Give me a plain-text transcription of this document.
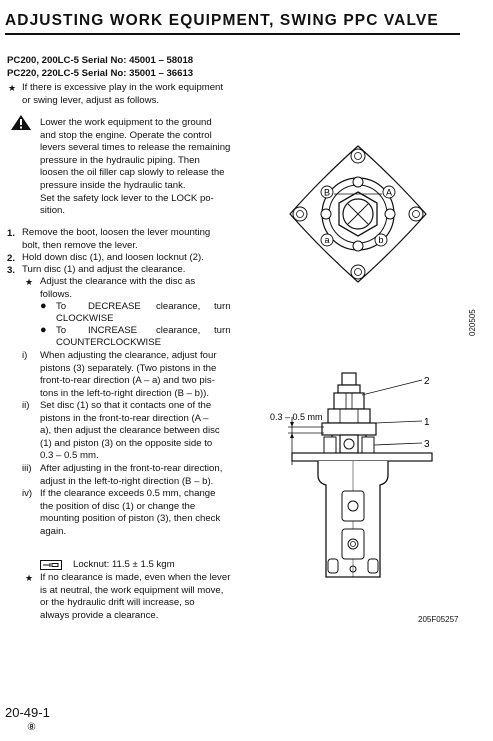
ADJUSTING WORK EQUIPMENT, SWING PPC VALVE
PC200, 200LC-5 Serial No: 45001 – 58018
PC220, 220LC-5 Serial No: 35001 – 36613
★ If there is excessive play in the work equipment
or swing lever, adjust as follows.
Lower the work equipment to the ground
and stop the engine. Operate the control
levers several times to release the remaining
pressure in the hydraulic piping. Then
loosen the oil filler cap slowly to release the
pressure inside the hydraulic tank.
Set the safety lock lever to the LOCK po-
sition.
1. Remove the boot, loosen the lever mounting
bolt, then remove the lever.
2. Hold down disc (1), and loosen locknut (2).
3. Turn disc (1) and adjust the clearance.
★ Adjust the clearance with the disc as
follows.
● To DECREASE clearance, turn
CLOCKWISE
● To INCREASE clearance, turn
COUNTERCLOCKWISE
i) When adjusting the clearance, adjust four
pistons (3) separately. (Two pistons in the
front-to-rear direction (A – a) and two pis-
tons in the left-to-right direction (B – b)).
ii) Set disc (1) so that it contacts one of the
pistons in the front-to-rear direction (A –
a), then adjust the clearance between disc
(1) and piston (3) on the opposite side to
0.3 – 0.5 mm.
iii) After adjusting in the front-to-rear direction,
adjust in the left-to-right direction (B – b).
iv) If the clearance exceeds 0.5 mm, change
the position of disc (1) or change the
mounting position of piston (3), then check
again.
Locknut: 11.5 ± 1.5 kgm
★ If no clearance is made, even when the lever
is at neutral, the work equipment will move,
or the hydraulic drift will increase, so
always provide a clearance.
B	A
a	b
0.3 – 0.5 mm
2
1
3
020505
205F05257
20-49-1
⑧
